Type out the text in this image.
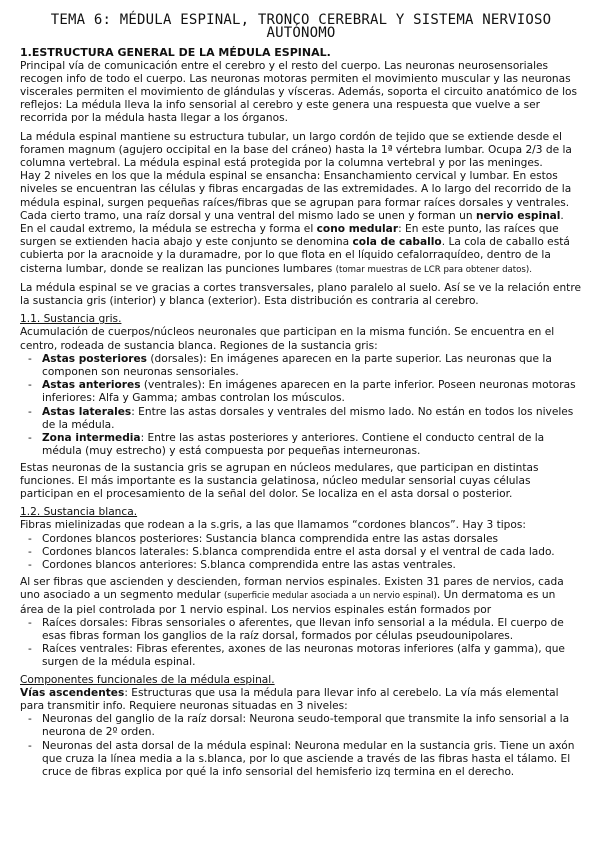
TEMA 6: MÉDULA ESPINAL, TRONCO CEREBRAL Y SISTEMA NERVIOSO AUTÓNOMO
1.ESTRUCTURA GENERAL DE LA MÉDULA ESPINAL.

Principal vía de comunicación entre el cerebro y el resto del cuerpo. Las neuronas neurosensoriales recogen info de todo el cuerpo. Las neuronas motoras permiten el movimiento muscular y las neuronas viscerales permiten el movimiento de glándulas y vísceras. Además, soporta el circuito anatómico de los reflejos: La médula lleva la info sensorial al cerebro y este genera una respuesta que vuelve a ser recorrida por la médula hasta llegar a los órganos.

La médula espinal mantiene su estructura tubular, un largo cordón de tejido que se extiende desde el foramen magnum (agujero occipital en la base del cráneo) hasta la 1ª vértebra lumbar. Ocupa 2/3 de la columna vertebral. La médula espinal está protegida por la columna vertebral y por las meninges.

Hay 2 niveles en los que la médula espinal se ensancha: Ensanchamiento cervical y lumbar. En estos niveles se encuentran las células y fibras encargadas de las extremidades. A lo largo del recorrido de la médula espinal, surgen pequeñas raíces/fibras que se agrupan para formar raíces dorsales y ventrales. Cada cierto tramo, una raíz dorsal y una ventral del mismo lado se unen y forman un nervio espinal.

En el caudal extremo, la médula se estrecha y forma el cono medular: En este punto, las raíces que surgen se extienden hacia abajo y este conjunto se denomina cola de caballo. La cola de caballo está cubierta por la aracnoide y la duramadre, por lo que flota en el líquido cefalorraquídeo, dentro de la cisterna lumbar, donde se realizan las punciones lumbares (tomar muestras de LCR para obtener datos).

La médula espinal se ve gracias a cortes transversales, plano paralelo al suelo. Así se ve la relación entre la sustancia gris (interior) y blanca (exterior). Esta distribución es contraria al cerebro.

1.1. Sustancia gris.

Acumulación de cuerpos/núcleos neuronales que participan en la misma función. Se encuentra en el centro, rodeada de sustancia blanca. Regiones de la sustancia gris:

- Astas posteriores (dorsales): En imágenes aparecen en la parte superior. Las neuronas que la componen son neuronas sensoriales.
- Astas anteriores (ventrales): En imágenes aparecen en la parte inferior. Poseen neuronas motoras inferiores: Alfa y Gamma; ambas controlan los músculos.
- Astas laterales: Entre las astas dorsales y ventrales del mismo lado. No están en todos los niveles de la médula.
- Zona intermedia: Entre las astas posteriores y anteriores. Contiene el conducto central de la médula (muy estrecho) y está compuesta por pequeñas interneuronas.

Estas neuronas de la sustancia gris se agrupan en núcleos medulares, que participan en distintas funciones. El más importante es la sustancia gelatinosa, núcleo medular sensorial cuyas células participan en el procesamiento de la señal del dolor. Se localiza en el asta dorsal o posterior.

1.2. Sustancia blanca.

Fibras mielinizadas que rodean a la s.gris, a las que llamamos “cordones blancos”. Hay 3 tipos:

- Cordones blancos posteriores: Sustancia blanca comprendida entre las astas dorsales
- Cordones blancos laterales: S.blanca comprendida entre el asta dorsal y el ventral de cada lado.
- Cordones blancos anteriores: S.blanca comprendida entre las astas ventrales.

Al ser fibras que ascienden y descienden, forman nervios espinales. Existen 31 pares de nervios, cada uno asociado a un segmento medular (superficie medular asociada a un nervio espinal). Un dermatoma es un área de la piel controlada por 1 nervio espinal. Los nervios espinales están formados por

- Raíces dorsales: Fibras sensoriales o aferentes, que llevan info sensorial a la médula. El cuerpo de esas fibras forman los ganglios de la raíz dorsal, formados por células pseudounipolares.
- Raíces ventrales: Fibras eferentes, axones de las neuronas motoras inferiores (alfa y gamma), que surgen de la médula espinal.
Componentes funcionales de la médula espinal.

Vías ascendentes: Estructuras que usa la médula para llevar info al cerebelo. La vía más elemental para transmitir info. Requiere neuronas situadas en 3 niveles:

- Neuronas del ganglio de la raíz dorsal: Neurona seudo-temporal que transmite la info sensorial a la neurona de 2º orden.
- Neuronas del asta dorsal de la médula espinal: Neurona medular en la sustancia gris. Tiene un axón que cruza la línea media a la s.blanca, por lo que asciende a través de las fibras hasta el tálamo. El cruce de fibras explica por qué la info sensorial del hemisferio izq termina en el derecho.
